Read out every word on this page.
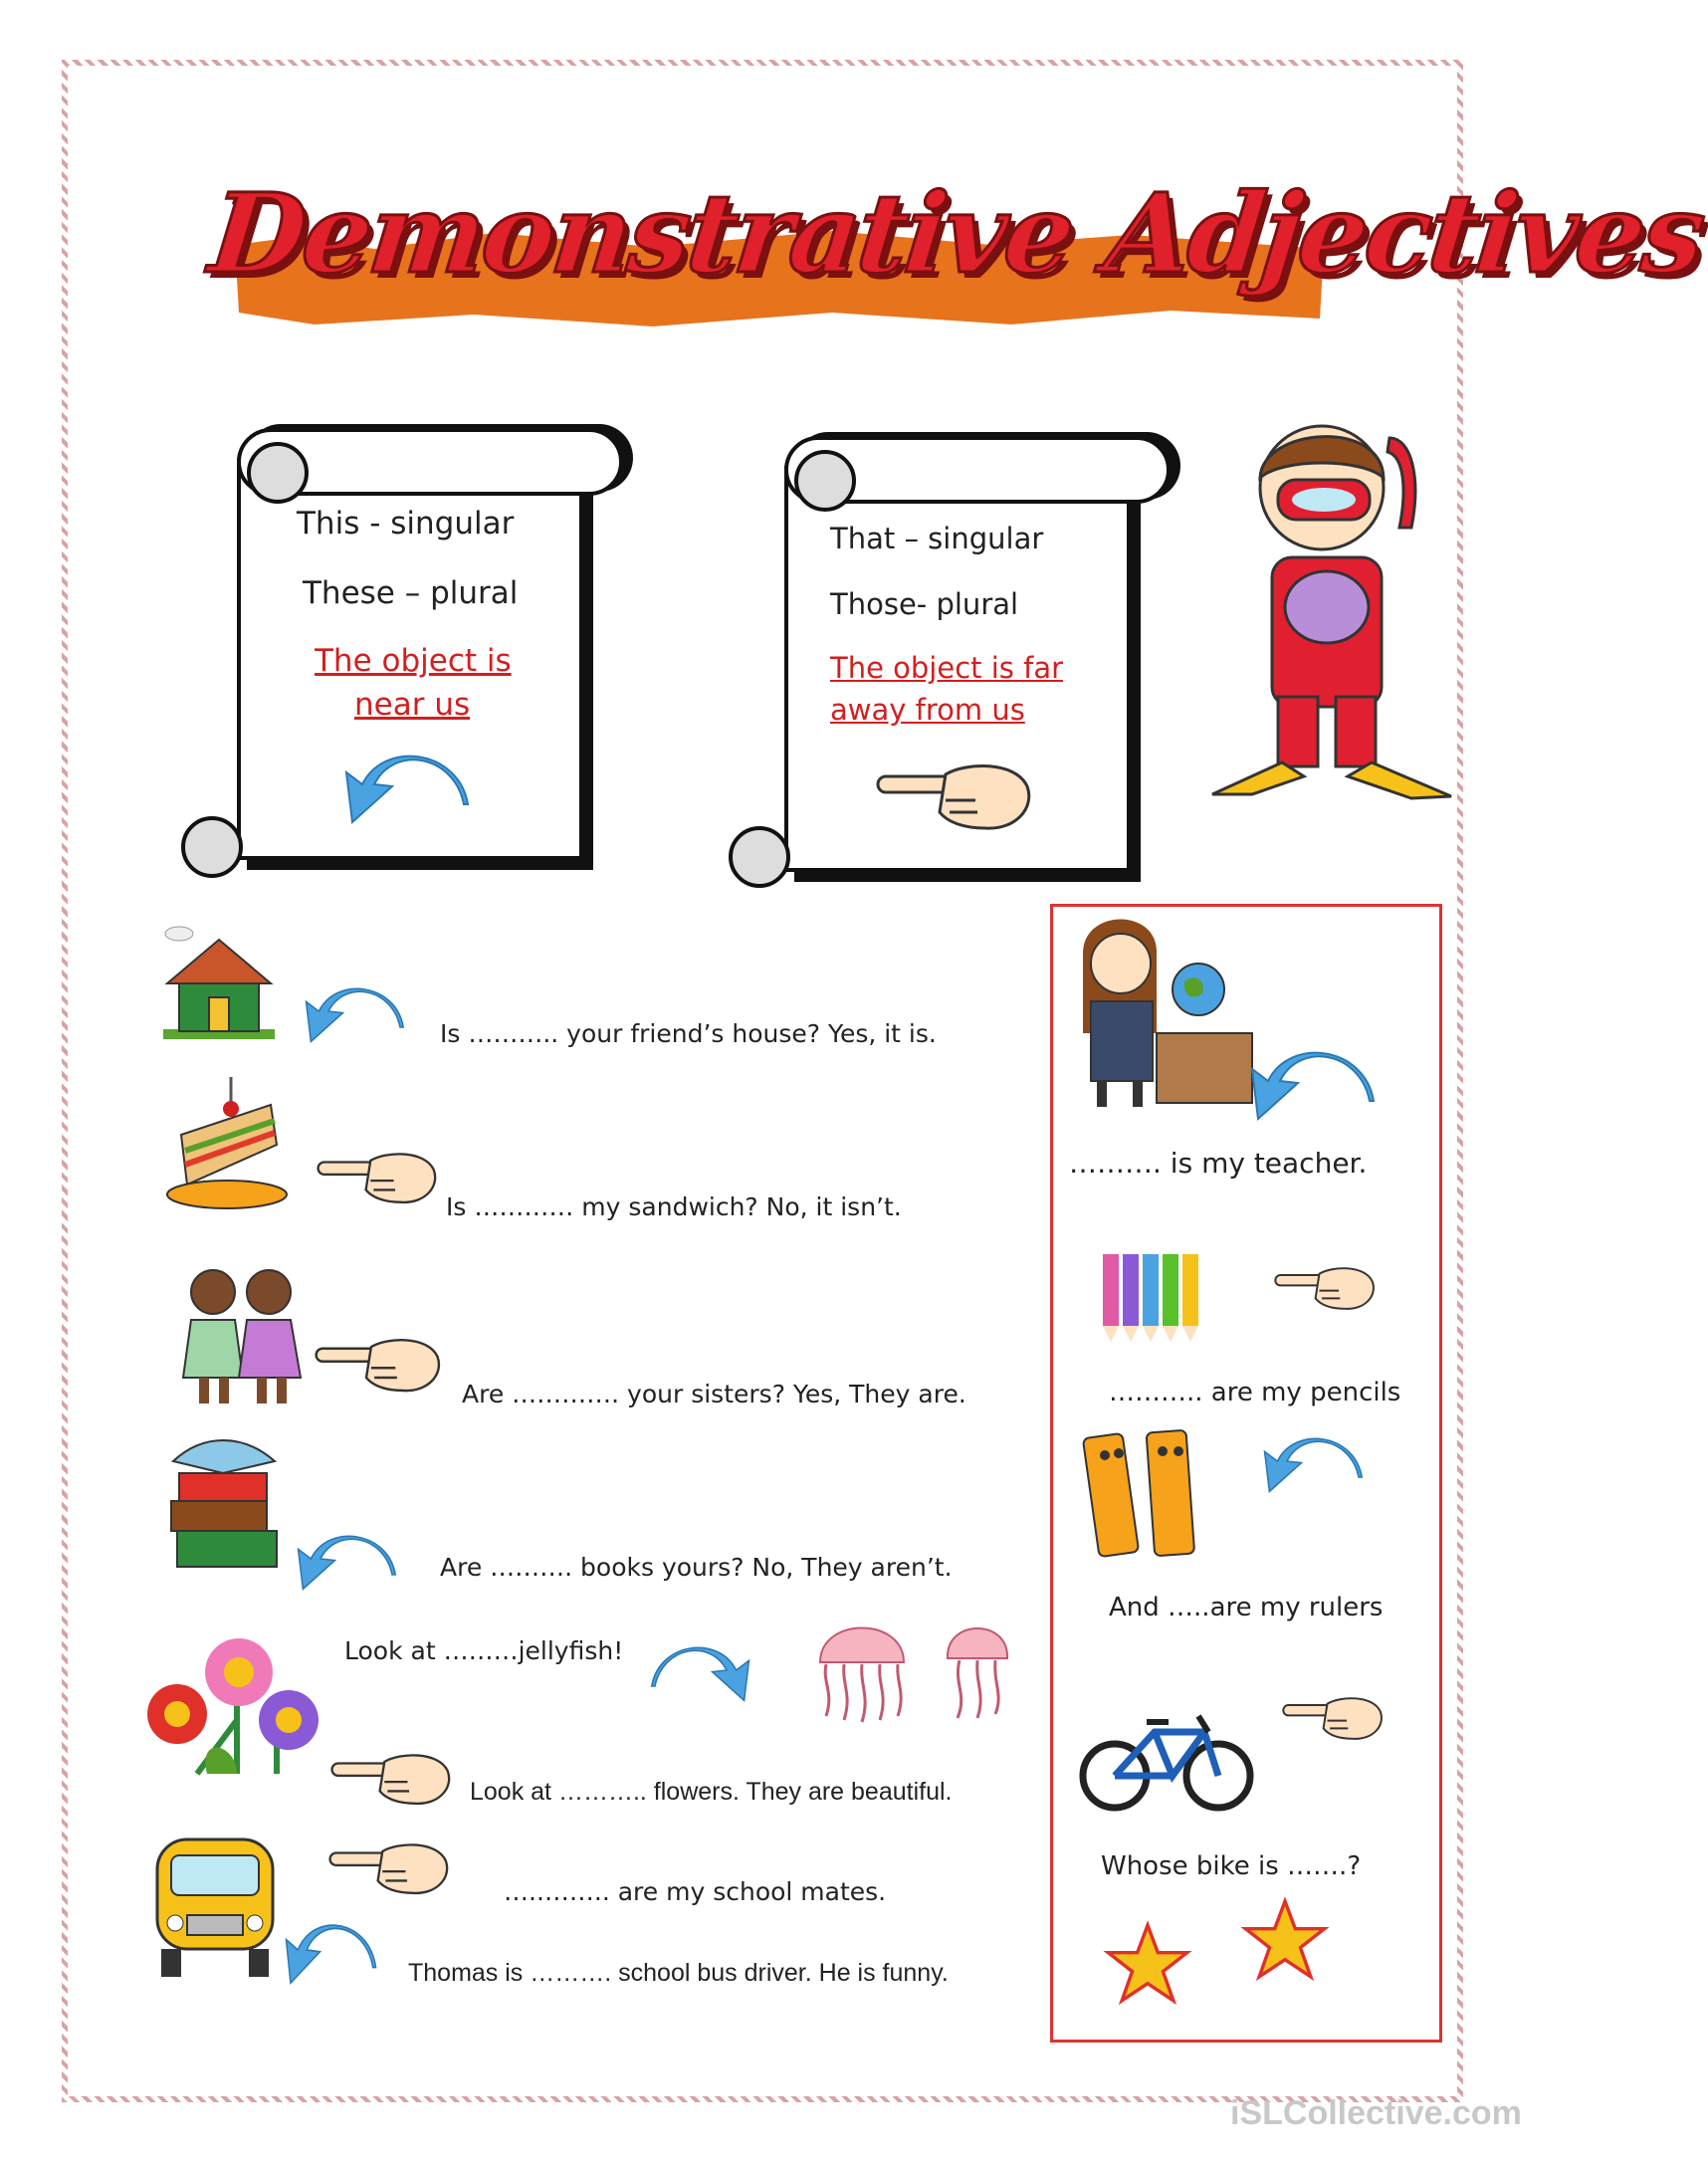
Demonstrative Adjectives
This - singular
These – plural
The object is
near us
That – singular
Those- plural
The object is far
away from us
Is ……….. your friend’s house? Yes, it is.
Is ………… my sandwich? No, it isn’t.
Are …………. your sisters? Yes, They are.
Are ………. books yours? No, They aren’t.
Look at ………jellyfish!
Look at ……….. flowers. They are beautiful.
…..…….. are my school mates.
Thomas is ………. school bus driver. He is funny.
………. is my teacher.
……….. are my pencils
And …..are my rulers
Whose bike is …….?
iSLCollective.com
